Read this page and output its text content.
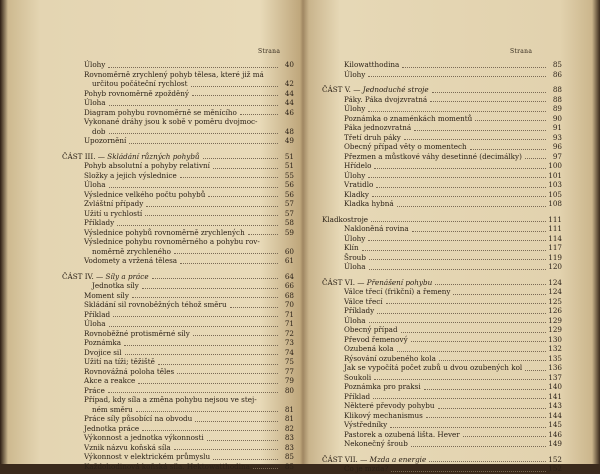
Strana
Úlohy	40
Rovnoměrně zrychlený pohyb tělesa, které již má
určitou počáteční rychlost	42
Pohyb rovnoměrně zpožděný	44
Úloha	44
Diagram pohybu rovnoměrně se měnícího	46
Vykonané dráhy jsou k sobě v poměru dvojmoc-
dob	48
Upozornění	49
ČÁST III. — Skládání různých pohybů	51
Pohyb absolutní a pohyby relativní	51
Složky a jejich výslednice	55
Úloha	56
Výslednice velkého počtu pohybů	56
Zvláštní případy	57
Užití u rychlostí	57
Příklady	58
Výslednice pohybů rovnoměrně zrychlených	59
Výslednice pohybu rovnoměrného a pohybu rov-
noměrně zrychleného	60
Vodomety a vržená tělesa	61
ČÁST IV. — Síly a práce	64
Jednotka síly	66
Moment síly	68
Skládání sil rovnoběžných téhož směru	70
Příklad	71
Úloha	71
Rovnoběžné protisměrné síly	72
Poznámka	73
Dvojice sil	74
Užití na tíži; těžiště	75
Rovnovážná poloha těles	77
Akce a reakce	79
Práce	80
Případ, kdy síla a změna pohybu nejsou ve stej-
ném směru	81
Práce síly působící na obvodu	81
Jednotka práce	82
Výkonnost a jednotka výkonnosti	83
Vznik názvu koňská síla	83
Výkonnost v elektrickém průmyslu	85
Každohodinová koňská síla. Hektowatthodina	85
Strana
Kilowatthodina	85
Úlohy	86
ČÁST V. — Jednoduché stroje	88
Páky. Páka dvojzvratná	88
Úlohy	89
Poznámka o znaménkách momentů	90
Páka jednozvratná	91
Třetí druh páky	93
Obecný případ věty o momentech	96
Přezmen a můstkové váhy desetinné (decimálky)	97
Hřídelo	100
Úlohy	101
Vratidlo	103
Kladky	105
Kladka hybná	108
Kladkostroje	111
Nakloněná rovina	111
Úlohy	114
Klín	117
Šroub	119
Úloha	120
ČÁST VI. — Přenášení pohybu	124
Válce třecí (frikční) a řemeny	124
Válce třecí	125
Příklady	126
Úloha	129
Obecný případ	129
Převod řemenový	130
Ozubená kola	132
Rýsování ozubeného kola	135
Jak se vypočítá počet zubů u dvou ozubených kol	136
Soukoli	137
Poznámka pro praksi	140
Příklad	141
Některé převody pohybu	143
Klikový mechanismus	144
Výstředníky	145
Pastorek a ozubená lišta. Hever	146
Nekonečný šroub	149
ČÁST VII. — Mzda a energie	152
Co je mzda?	152
